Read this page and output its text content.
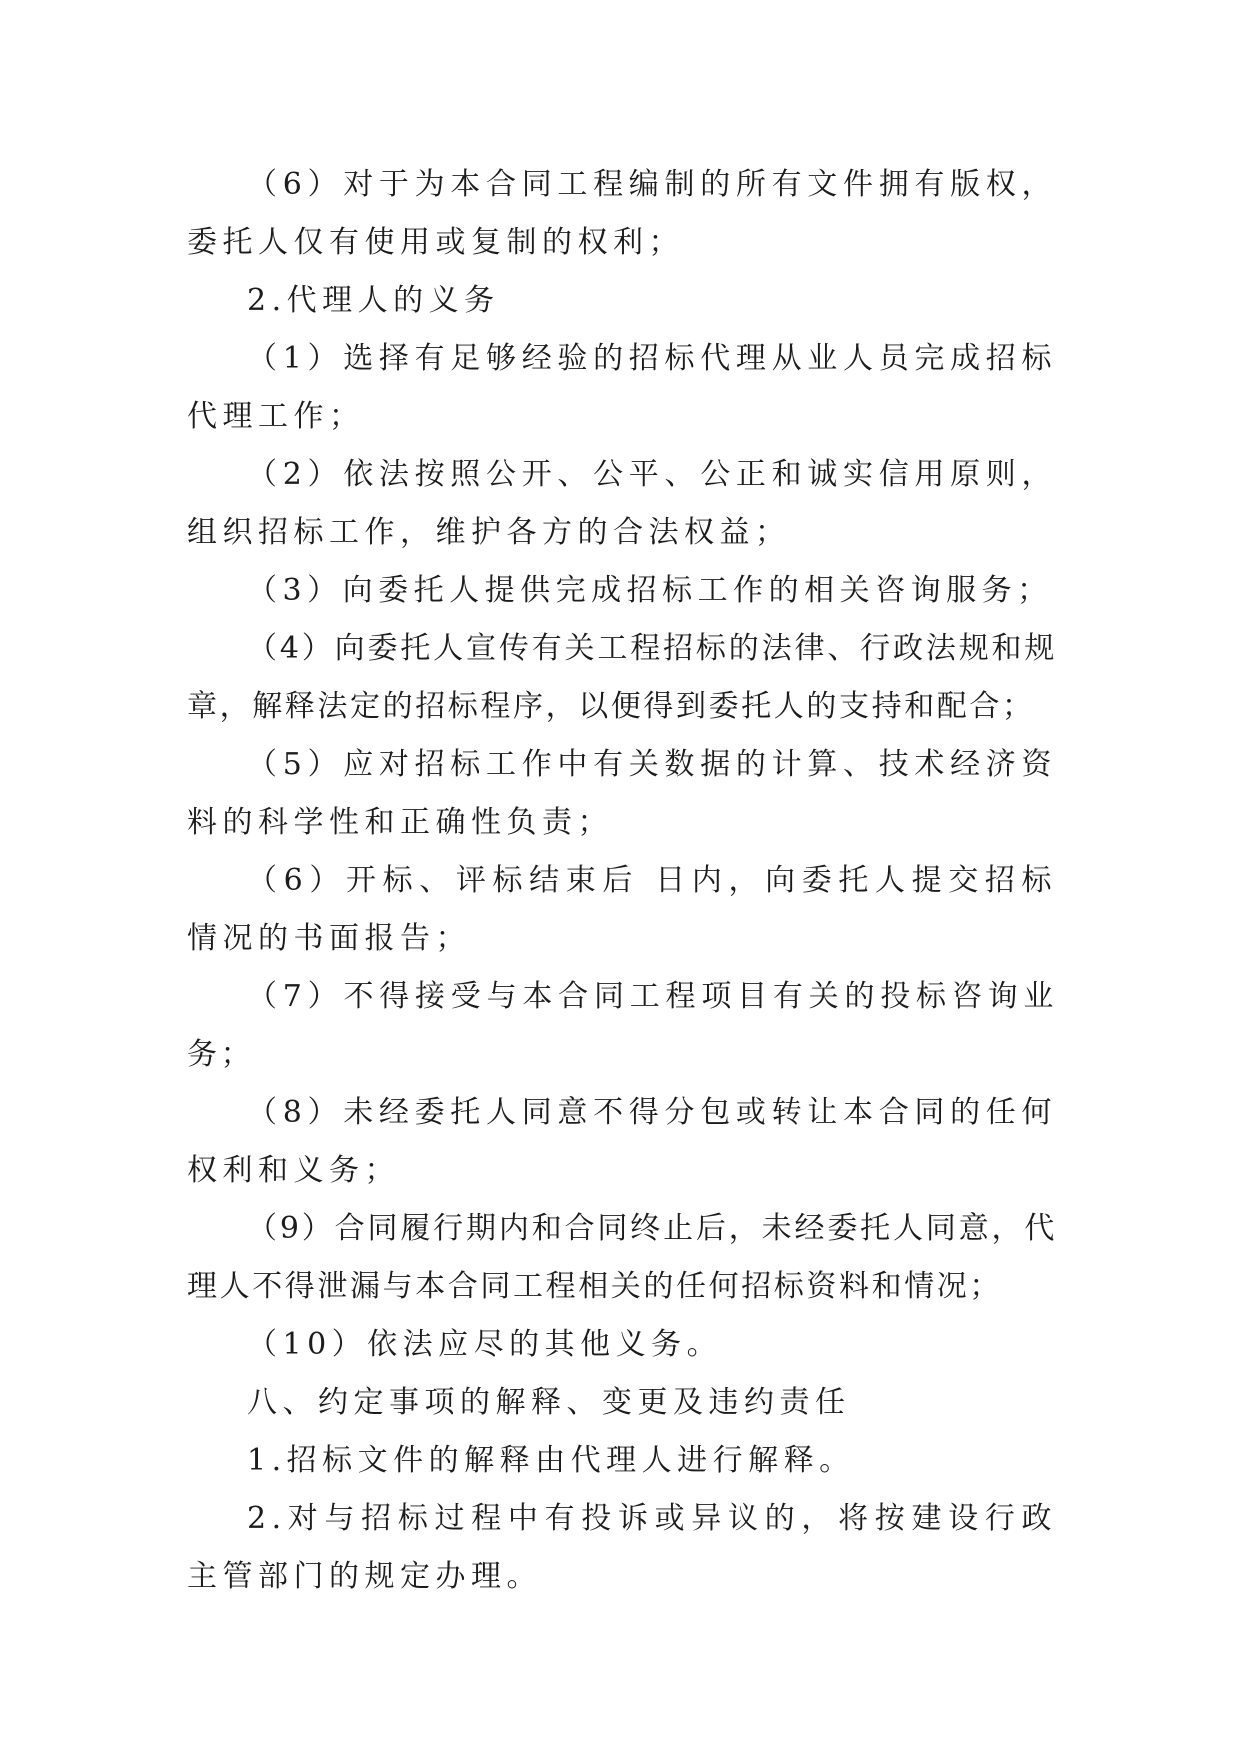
（6）对于为本合同工程编制的所有文件拥有版权，委托人仅有使用或复制的权利；

2.代理人的义务

（1）选择有足够经验的招标代理从业人员完成招标代理工作；

（2）依法按照公开、公平、公正和诚实信用原则，组织招标工作，维护各方的合法权益；

（3）向委托人提供完成招标工作的相关咨询服务；

（4）向委托人宣传有关工程招标的法律、行政法规和规章，解释法定的招标程序，以便得到委托人的支持和配合；

（5）应对招标工作中有关数据的计算、技术经济资料的科学性和正确性负责；

（6）开标、评标结束后 日内，向委托人提交招标情况的书面报告；

（7）不得接受与本合同工程项目有关的投标咨询业务；

（8）未经委托人同意不得分包或转让本合同的任何权利和义务；

（9）合同履行期内和合同终止后，未经委托人同意，代理人不得泄漏与本合同工程相关的任何招标资料和情况；

（10）依法应尽的其他义务。

八、约定事项的解释、变更及违约责任

1.招标文件的解释由代理人进行解释。

2.对与招标过程中有投诉或异议的，将按建设行政主管部门的规定办理。
